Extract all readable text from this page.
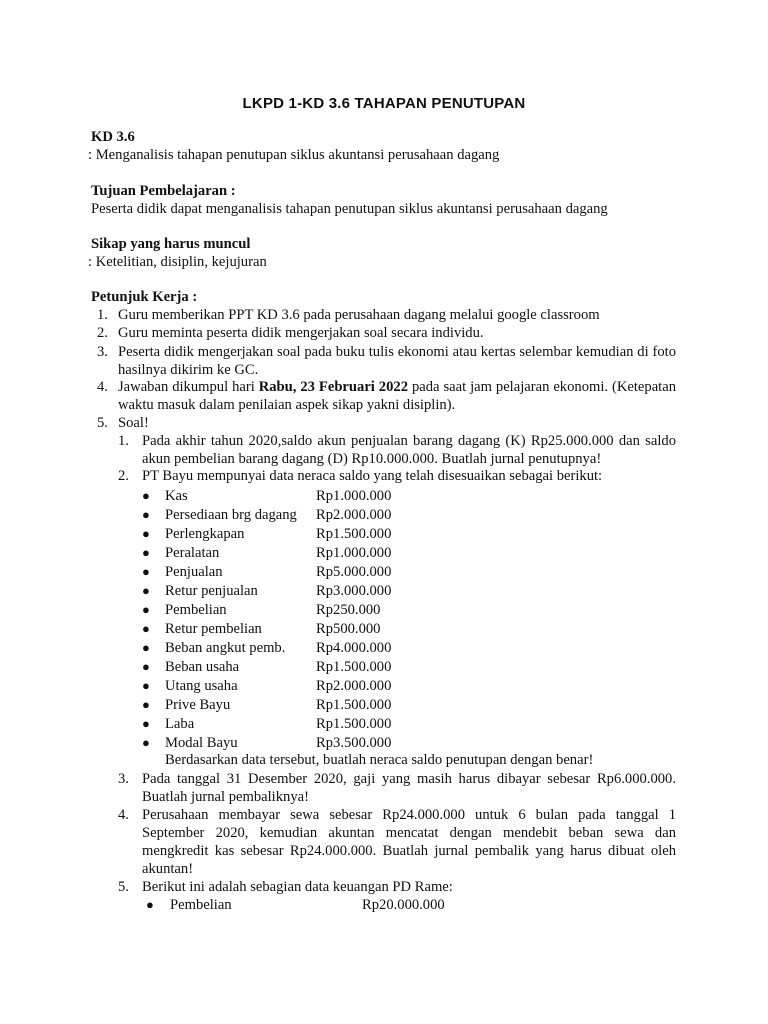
LKPD 1-KD 3.6 TAHAPAN PENUTUPAN
KD 3.6
: Menganalisis tahapan penutupan siklus akuntansi perusahaan dagang
Tujuan Pembelajaran :
Peserta didik dapat menganalisis tahapan penutupan siklus akuntansi perusahaan dagang
Sikap yang harus muncul
: Ketelitian, disiplin, kejujuran
Petunjuk Kerja :
1. Guru memberikan PPT KD 3.6 pada perusahaan dagang melalui google classroom
2. Guru meminta peserta didik mengerjakan soal secara individu.
3. Peserta didik mengerjakan soal pada buku tulis ekonomi atau kertas selembar kemudian di foto hasilnya dikirim ke GC.
4. Jawaban dikumpul hari Rabu, 23 Februari 2022 pada saat jam pelajaran ekonomi. (Ketepatan waktu masuk dalam penilaian aspek sikap yakni disiplin).
5. Soal!
1. Pada akhir tahun 2020,saldo akun penjualan barang dagang (K) Rp25.000.000 dan saldo akun pembelian barang dagang (D) Rp10.000.000. Buatlah jurnal penutupnya!
2. PT Bayu mempunyai data neraca saldo yang telah disesuaikan sebagai berikut:
● Kas	Rp1.000.000
● Persediaan brg dagang Rp2.000.000
● Perlengkapan	Rp1.500.000
● Peralatan	Rp1.000.000
● Penjualan	Rp5.000.000
● Retur penjualan	Rp3.000.000
● Pembelian	Rp250.000
● Retur pembelian	Rp500.000
● Beban angkut pemb. Rp4.000.000
● Beban usaha	Rp1.500.000
● Utang usaha	Rp2.000.000
● Prive Bayu	Rp1.500.000
● Laba	Rp1.500.000
● Modal Bayu	Rp3.500.000
Berdasarkan data tersebut, buatlah neraca saldo penutupan dengan benar!
3. Pada tanggal 31 Desember 2020, gaji yang masih harus dibayar sebesar Rp6.000.000. Buatlah jurnal pembaliknya!
4. Perusahaan membayar sewa sebesar Rp24.000.000 untuk 6 bulan pada tanggal 1 September 2020, kemudian akuntan mencatat dengan mendebit beban sewa dan mengkredit kas sebesar Rp24.000.000. Buatlah jurnal pembalik yang harus dibuat oleh akuntan!
5. Berikut ini adalah sebagian data keuangan PD Rame:
● Pembelian	Rp20.000.000
